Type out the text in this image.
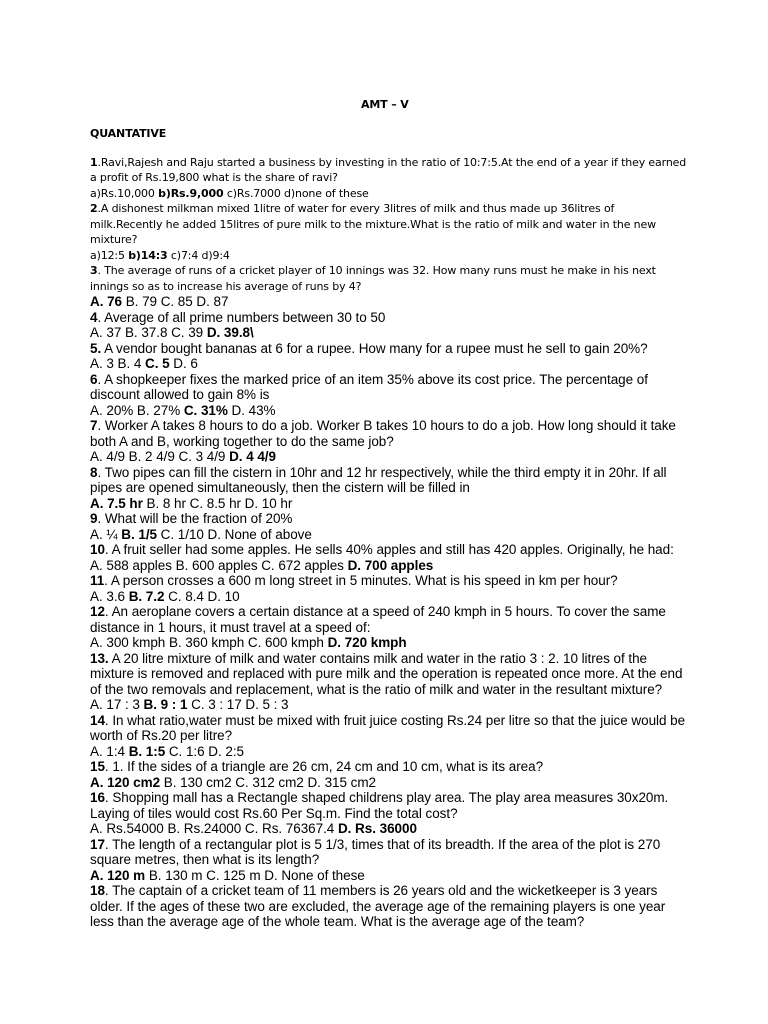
AMT – V
QUANTATIVE
1.Ravi,Rajesh and Raju started a business by investing in the ratio of 10:7:5.At the end of a year if they earned
a profit of Rs.19,800 what is the share of ravi?
a)Rs.10,000 b)Rs.9,000 c)Rs.7000 d)none of these
2.A dishonest milkman mixed 1litre of water for every 3litres of milk and thus made up 36litres of
milk.Recently he added 15litres of pure milk to the mixture.What is the ratio of milk and water in the new
mixture?
a)12:5 b)14:3 c)7:4 d)9:4
3. The average of runs of a cricket player of 10 innings was 32. How many runs must he make in his next
innings so as to increase his average of runs by 4?
A. 76 B. 79 C. 85 D. 87
4. Average of all prime numbers between 30 to 50
A. 37 B. 37.8 C. 39 D. 39.8\
5. A vendor bought bananas at 6 for a rupee. How many for a rupee must he sell to gain 20%?
A. 3 B. 4 C. 5 D. 6
6. A shopkeeper fixes the marked price of an item 35% above its cost price. The percentage of
discount allowed to gain 8% is
A. 20% B. 27% C. 31% D. 43%
7. Worker A takes 8 hours to do a job. Worker B takes 10 hours to do a job. How long should it take
both A and B, working together to do the same job?
A. 4/9 B. 2 4/9 C. 3 4/9 D. 4 4/9
8. Two pipes can fill the cistern in 10hr and 12 hr respectively, while the third empty it in 20hr. If all
pipes are opened simultaneously, then the cistern will be filled in
A. 7.5 hr B. 8 hr C. 8.5 hr D. 10 hr
9. What will be the fraction of 20%
A. ¼ B. 1/5 C. 1/10 D. None of above
10. A fruit seller had some apples. He sells 40% apples and still has 420 apples. Originally, he had:
A. 588 apples B. 600 apples C. 672 apples D. 700 apples
11. A person crosses a 600 m long street in 5 minutes. What is his speed in km per hour?
A. 3.6 B. 7.2 C. 8.4 D. 10
12. An aeroplane covers a certain distance at a speed of 240 kmph in 5 hours. To cover the same
distance in 1 hours, it must travel at a speed of:
A. 300 kmph B. 360 kmph C. 600 kmph D. 720 kmph
13. A 20 litre mixture of milk and water contains milk and water in the ratio 3 : 2. 10 litres of the
mixture is removed and replaced with pure milk and the operation is repeated once more. At the end
of the two removals and replacement, what is the ratio of milk and water in the resultant mixture?
A. 17 : 3 B. 9 : 1 C. 3 : 17 D. 5 : 3
14. In what ratio,water must be mixed with fruit juice costing Rs.24 per litre so that the juice would be
worth of Rs.20 per litre?
A. 1:4 B. 1:5 C. 1:6 D. 2:5
15. 1. If the sides of a triangle are 26 cm, 24 cm and 10 cm, what is its area?
A. 120 cm2 B. 130 cm2 C. 312 cm2 D. 315 cm2
16. Shopping mall has a Rectangle shaped childrens play area. The play area measures 30x20m.
Laying of tiles would cost Rs.60 Per Sq.m. Find the total cost?
A. Rs.54000 B. Rs.24000 C. Rs. 76367.4 D. Rs. 36000
17. The length of a rectangular plot is 5 1/3, times that of its breadth. If the area of the plot is 270
square metres, then what is its length?
A. 120 m B. 130 m C. 125 m D. None of these
18. The captain of a cricket team of 11 members is 26 years old and the wicketkeeper is 3 years
older. If the ages of these two are excluded, the average age of the remaining players is one year
less than the average age of the whole team. What is the average age of the team?
